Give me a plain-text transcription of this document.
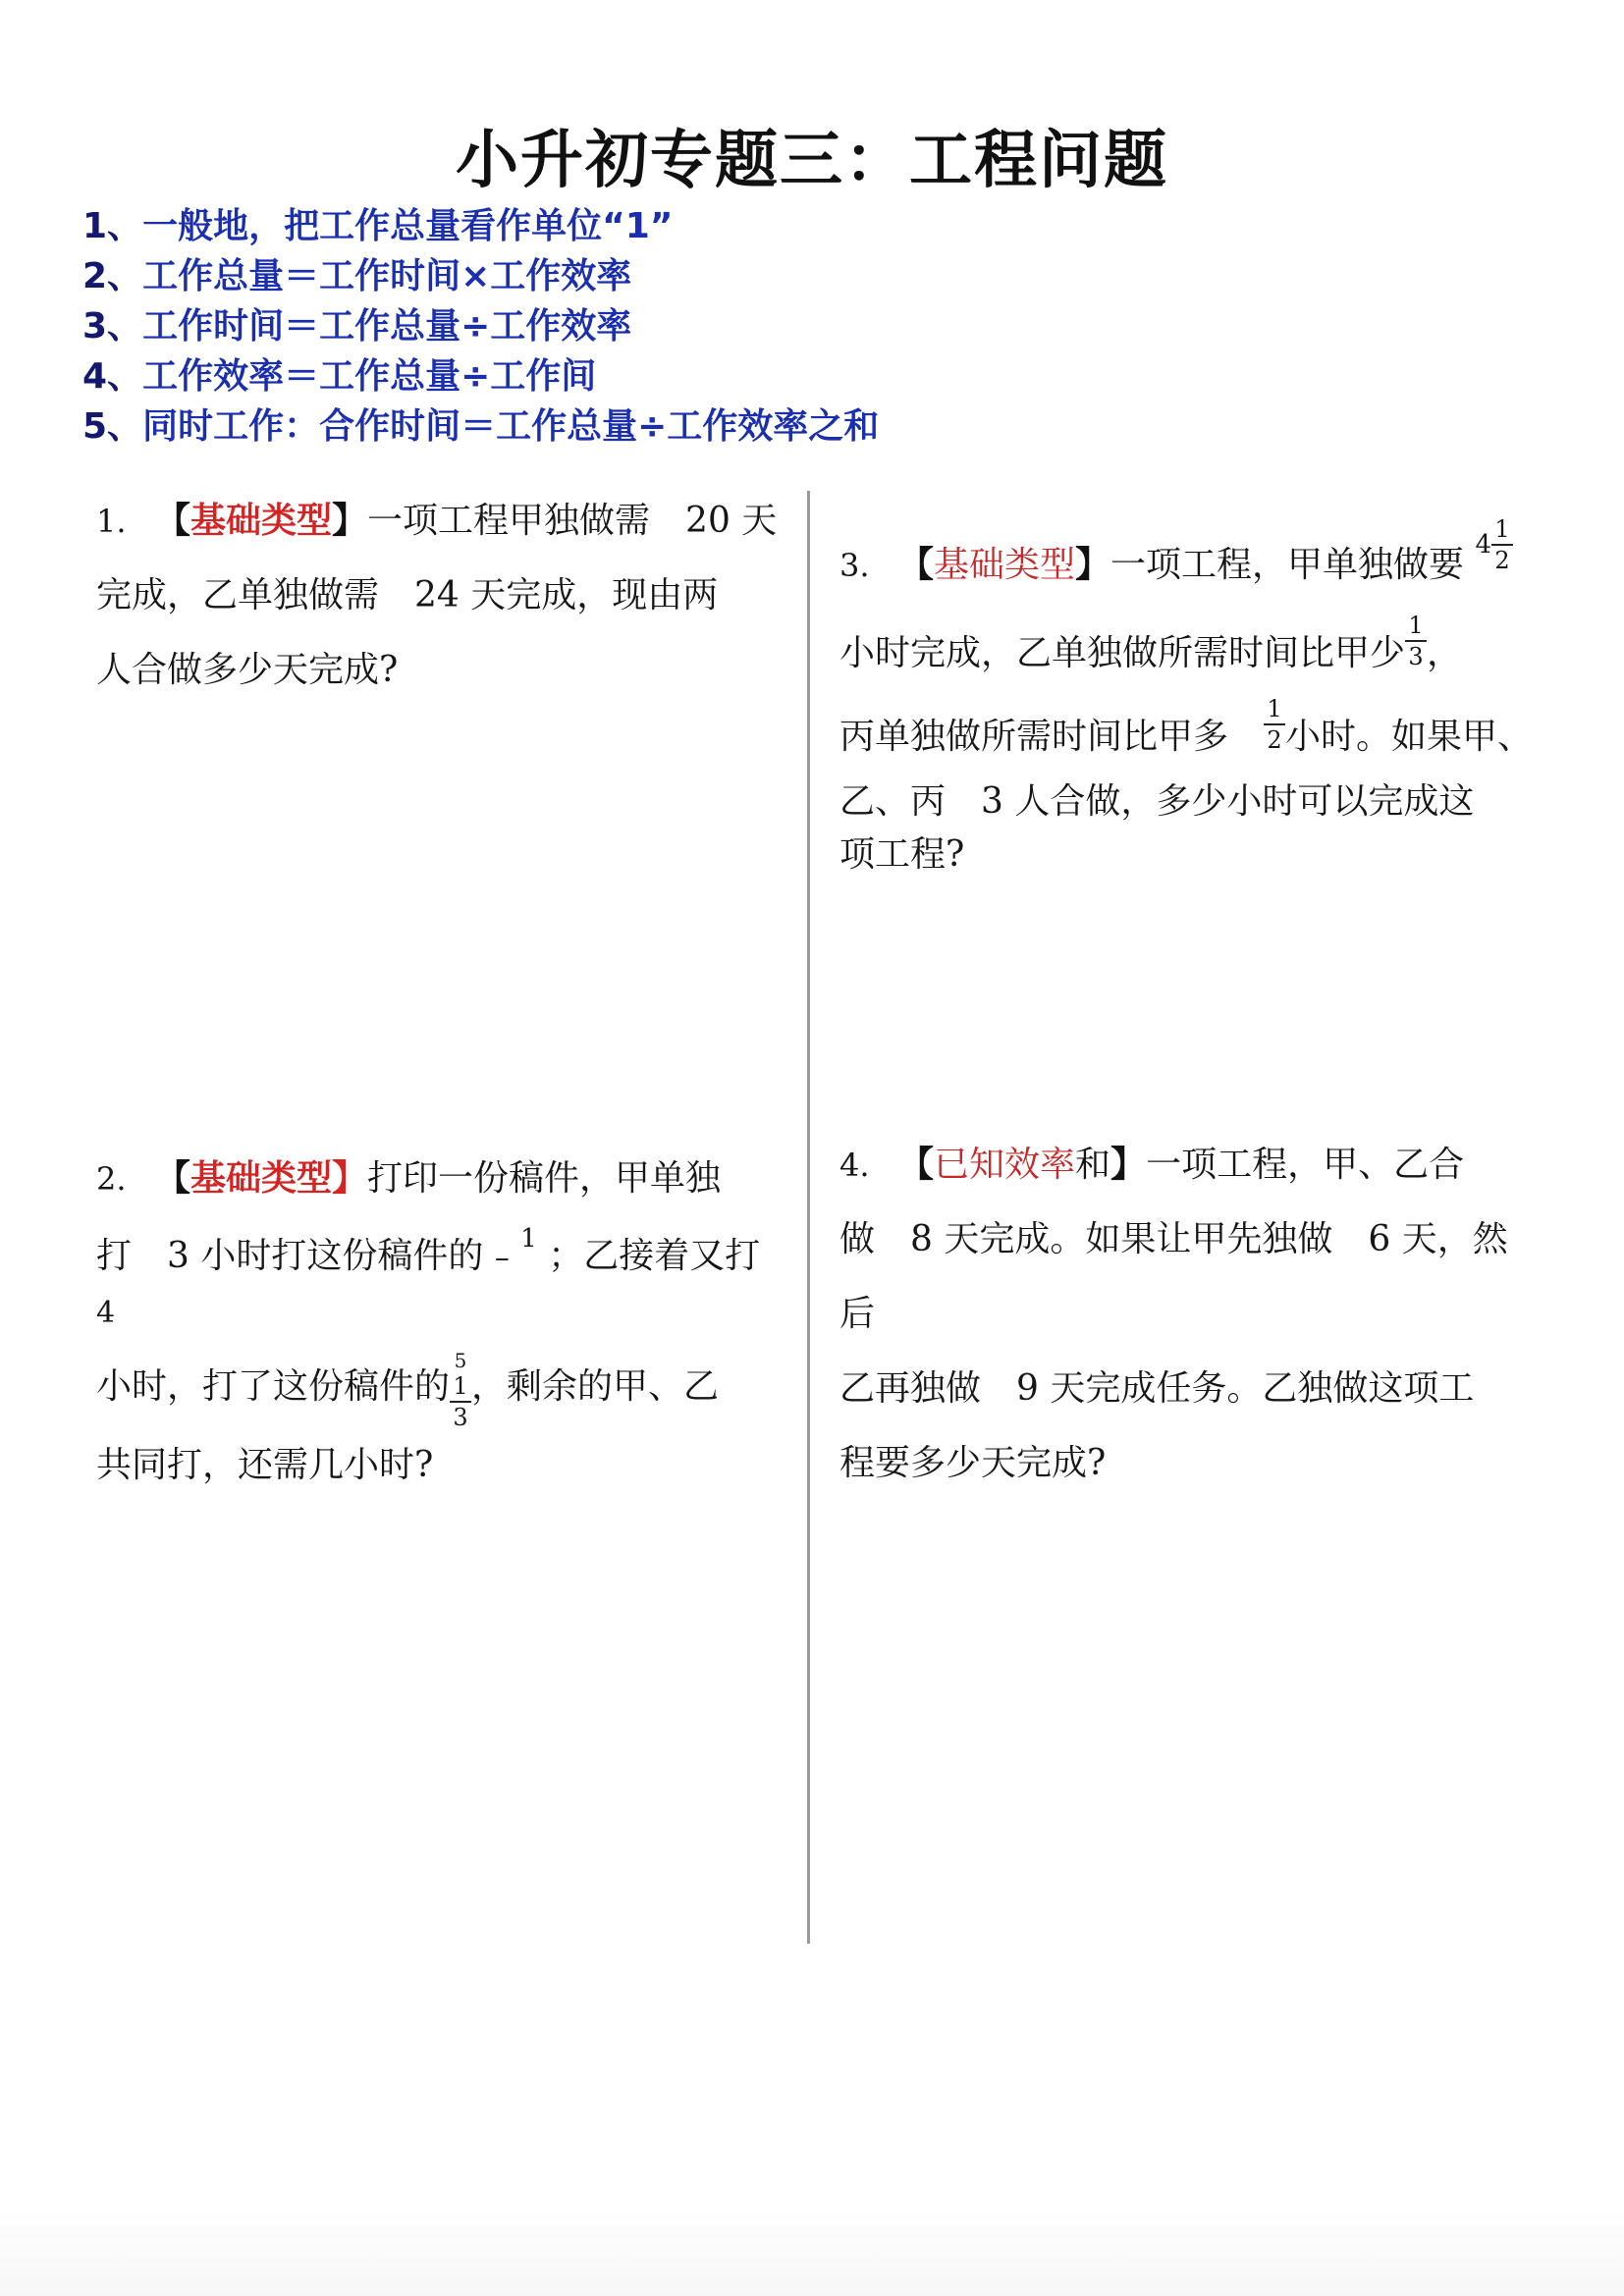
小升初专题三：工程问题
1、一般地，把工作总量看作单位“1”
2、工作总量＝工作时间×工作效率
3、工作时间＝工作总量÷工作效率
4、工作效率＝工作总量÷工作间
5、同时工作：合作时间＝工作总量÷工作效率之和
1. 【基础类型】一项工程甲独做需　20 天
完成，乙单独做需　24 天完成，现由两
人合做多少天完成?
2. 【基础类型】打印一份稿件，甲单独
打　3 小时打这份稿件的 – $^1$ ；乙接着又打
4
小时，打了这份稿件的
5
1
3
，剩余的甲、乙
共同打，还需几小时?
3. 【基础类型】一项工程，甲单独做要 $4 \frac{1}{2}$
小时完成，乙单独做所需时间比甲少 $\frac{1}{3}$ ，
丙单独做所需时间比甲多　 $\frac{1}{2}$ 小时。如果甲、
乙、丙　3 人合做，多少小时可以完成这
项工程?
4. 【已知效率和】一项工程，甲、乙合
做　8 天完成。如果让甲先独做　6 天，然
后
乙再独做　9 天完成任务。乙独做这项工
程要多少天完成?
